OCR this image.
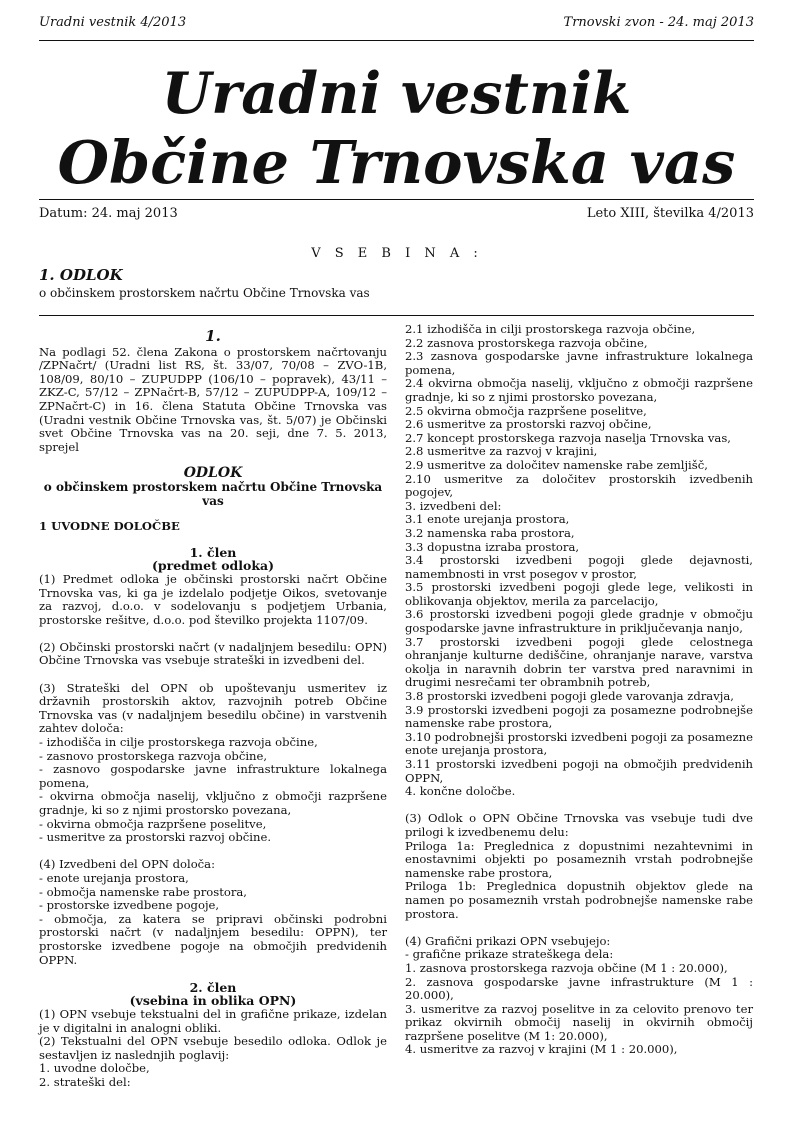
Uradni vestnik 4/2013	Trnovski zvon - 24. maj 2013
Uradni vestnik
Občine Trnovska vas
Datum: 24. maj 2013	Leto XIII, številka 4/2013
V S E B I N A :
1. ODLOK
o občinskem prostorskem načrtu Občine Trnovska vas

1.

Na podlagi 52. člena Zakona o prostorskem načrtovanju /ZPNačrt/ (Uradni list RS, št. 33/07, 70/08 – ZVO-1B, 108/09, 80/10 – ZUPUDPP (106/10 – popravek), 43/11 – ZKZ-C, 57/12 – ZPNačrt-B, 57/12 – ZUPUDPP-A, 109/12 – ZPNačrt-C) in 16. člena Statuta Občine Trnovska vas (Uradni vestnik Občine Trnovska vas, št. 5/07) je Občinski svet Občine Trnovska vas na 20. seji, dne 7. 5. 2013, sprejel

ODLOK

o občinskem prostorskem načrtu Občine Trnovska vas

1 UVODNE DOLOČBE

1. člen

(predmet odloka)

(1) Predmet odloka je občinski prostorski načrt Občine Trnovska vas, ki ga je izdelalo podjetje Oikos, svetovanje za razvoj, d.o.o. v sodelovanju s podjetjem Urbania, prostorske rešitve, d.o.o. pod številko projekta 1107/09.

(2) Občinski prostorski načrt (v nadaljnjem besedilu: OPN) Občine Trnovska vas vsebuje strateški in izvedbeni del.

(3) Strateški del OPN ob upoštevanju usmeritev iz državnih prostorskih aktov, razvojnih potreb Občine Trnovska vas (v nadaljnjem besedilu občine) in varstvenih zahtev določa:

- izhodišča in cilje prostorskega razvoja občine,

- zasnovo prostorskega razvoja občine,

- zasnovo gospodarske javne infrastrukture lokalnega pomena,

- okvirna območja naselij, vključno z območji razpršene gradnje, ki so z njimi prostorsko povezana,

- okvirna območja razpršene poselitve,

- usmeritve za prostorski razvoj občine.

(4) Izvedbeni del OPN določa:

- enote urejanja prostora,

- območja namenske rabe prostora,

- prostorske izvedbene pogoje,

- območja, za katera se pripravi občinski podrobni prostorski načrt (v nadaljnjem besedilu: OPPN), ter prostorske izvedbene pogoje na območjih predvidenih OPPN.

2. člen

(vsebina in oblika OPN)

(1) OPN vsebuje tekstualni del in grafične prikaze, izdelan je v digitalni in analogni obliki.

(2) Tekstualni del OPN vsebuje besedilo odloka. Odlok je sestavljen iz naslednjih poglavij:

1. uvodne določbe,

2. strateški del:

2.1 izhodišča in cilji prostorskega razvoja občine,

2.2 zasnova prostorskega razvoja občine,

2.3 zasnova gospodarske javne infrastrukture lokalnega pomena,

2.4 okvirna območja naselij, vključno z območji razpršene gradnje, ki so z njimi prostorsko povezana,

2.5 okvirna območja razpršene poselitve,

2.6 usmeritve za prostorski razvoj občine,

2.7 koncept prostorskega razvoja naselja Trnovska vas,

2.8 usmeritve za razvoj v krajini,

2.9 usmeritve za določitev namenske rabe zemljišč,

2.10 usmeritve za določitev prostorskih izvedbenih pogojev,

3. izvedbeni del:

3.1 enote urejanja prostora,

3.2 namenska raba prostora,

3.3 dopustna izraba prostora,

3.4 prostorski izvedbeni pogoji glede dejavnosti, namembnosti in vrst posegov v prostor,

3.5 prostorski izvedbeni pogoji glede lege, velikosti in oblikovanja objektov, merila za parcelacijo,

3.6 prostorski izvedbeni pogoji glede gradnje v območju gospodarske javne infrastrukture in priključevanja nanjo,

3.7 prostorski izvedbeni pogoji glede celostnega ohranjanje kulturne dediščine, ohranjanje narave, varstva okolja in naravnih dobrin ter varstva pred naravnimi in drugimi nesrečami ter obrambnih potreb,

3.8 prostorski izvedbeni pogoji glede varovanja zdravja,

3.9 prostorski izvedbeni pogoji za posamezne podrobnejše namenske rabe prostora,

3.10 podrobnejši prostorski izvedbeni pogoji za posamezne enote urejanja prostora,

3.11 prostorski izvedbeni pogoji na območjih predvidenih OPPN,

4. končne določbe.

(3) Odlok o OPN Občine Trnovska vas vsebuje tudi dve prilogi k izvedbenemu delu:

Priloga 1a: Preglednica z dopustnimi nezahtevnimi in enostavnimi objekti po posameznih vrstah podrobnejše namenske rabe prostora,

Priloga 1b: Preglednica dopustnih objektov glede na namen po posameznih vrstah podrobnejše namenske rabe prostora.

(4) Grafični prikazi OPN vsebujejo:

- grafične prikaze strateškega dela:

1. zasnova prostorskega razvoja občine (M 1 : 20.000),

2. zasnova gospodarske javne infrastrukture (M 1 : 20.000),

3. usmeritve za razvoj poselitve in za celovito prenovo ter prikaz okvirnih območij naselij in okvirnih območij razpršene poselitve (M 1: 20.000),

4. usmeritve za razvoj v krajini (M 1 : 20.000),
